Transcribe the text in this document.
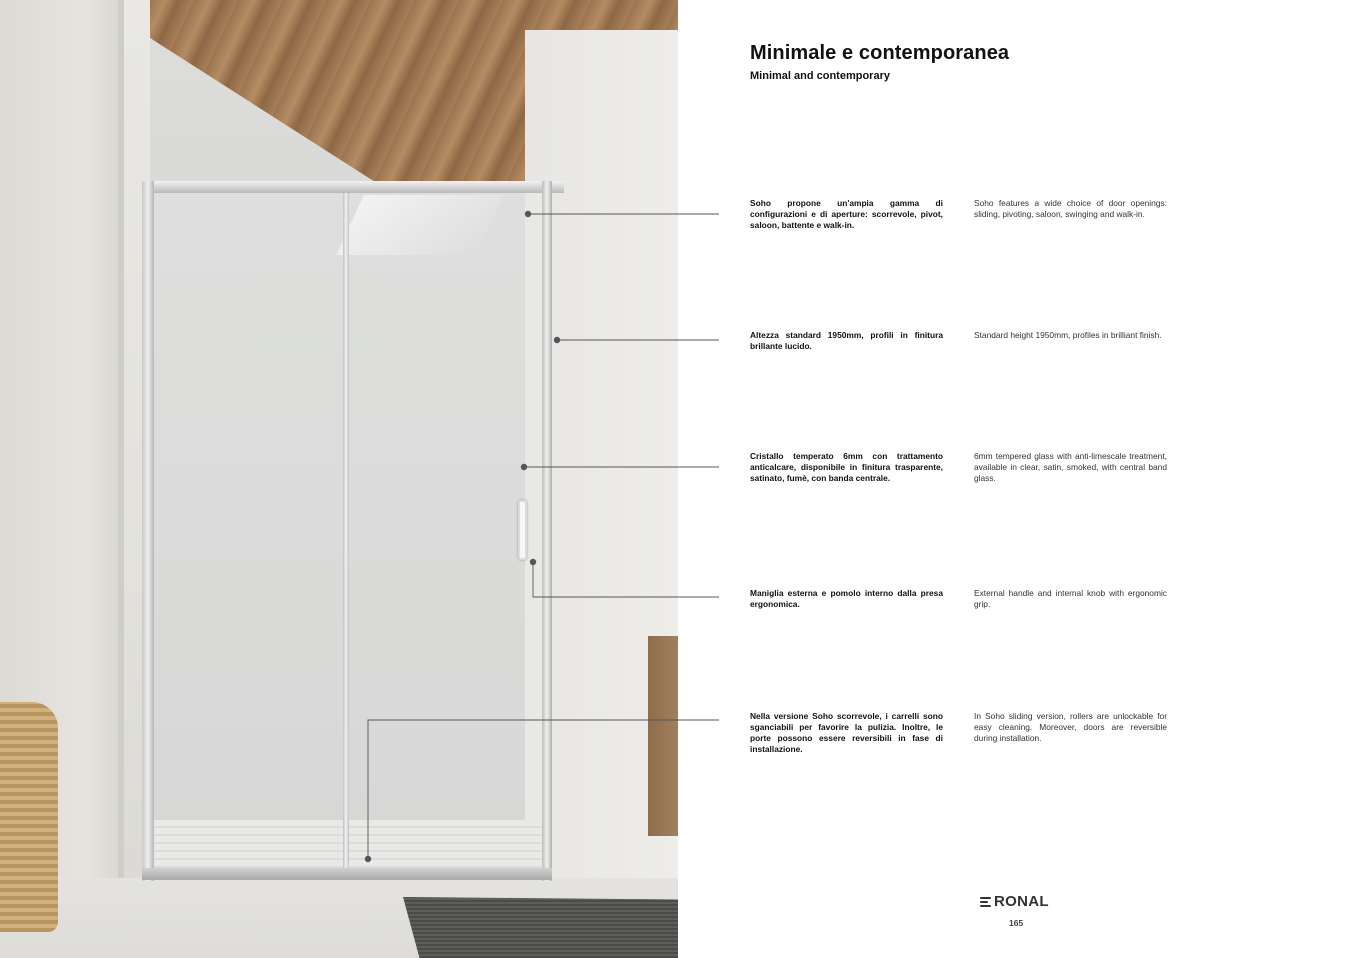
Minimale e contemporanea
Minimal and contemporary

Soho propone un'ampia gamma di configurazioni e di aperture: scorrevole, pivot, saloon, battente e walk-in.

Soho features a wide choice of door openings: sliding, pivoting, saloon, swinging and walk-in.

Altezza standard 1950mm, profili in finitura brillante lucido.

Standard height 1950mm, profiles in brilliant finish.

Cristallo temperato 6mm con trattamento anticalcare, disponibile in finitura trasparente, satinato, fumè, con banda centrale.

6mm tempered glass with anti-limescale treatment, available in clear, satin, smoked, with central band glass.

Maniglia esterna e pomolo interno dalla presa ergonomica.

External handle and internal knob with ergonomic grip.

Nella versione Soho scorrevole, i carrelli sono sganciabili per favorire la pulizia. Inoltre, le porte possono essere reversibili in fase di installazione.

In Soho sliding version, rollers are unlockable for easy cleaning. Moreover, doors are reversible during installation.

RONAL
165
